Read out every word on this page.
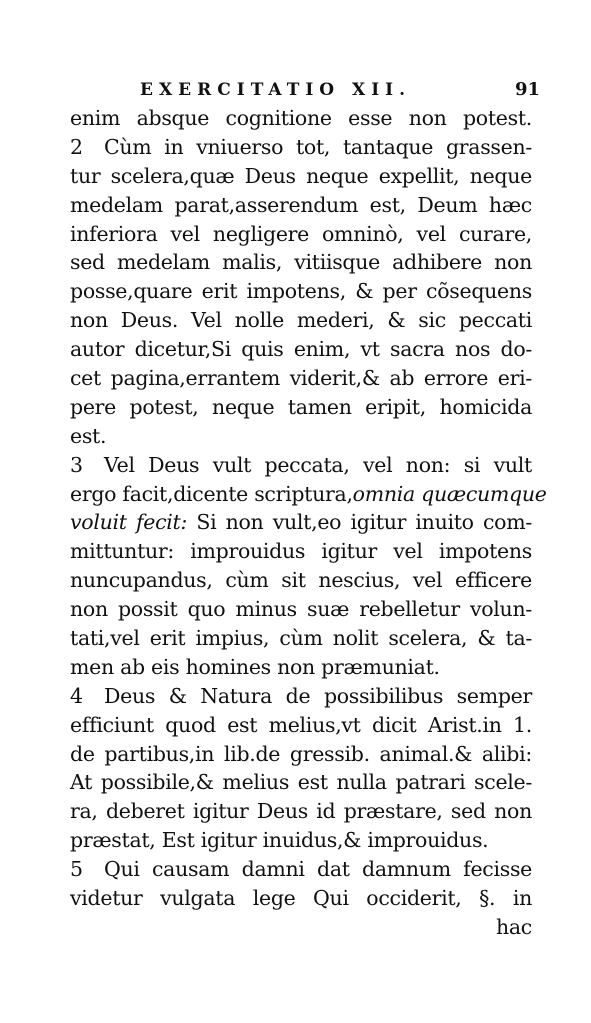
EXERCITATIO XII.	91
enim absque cognitione esse non potest.
2 Cùm in vniuerso tot, tantaque grassen-
tur scelera,quæ Deus neque expellit, neque
medelam parat,asserendum est, Deum hæc
inferiora vel negligere omninò, vel curare,
sed medelam malis, vitiisque adhibere non
posse,quare erit impotens, & per cõsequens
non Deus. Vel nolle mederi, & sic peccati
autor dicetur,Si quis enim, vt sacra nos do-
cet pagina,errantem viderit,& ab errore eri-
pere potest, neque tamen eripit, homicida
est.
3 Vel Deus vult peccata, vel non: si vult
ergo facit,dicente scriptura,omnia quæcumque
voluit fecit: Si non vult,eo igitur inuito com-
mittuntur: improuidus igitur vel impotens
nuncupandus, cùm sit nescius, vel efficere
non possit quo minus suæ rebelletur volun-
tati,vel erit impius, cùm nolit scelera, & ta-
men ab eis homines non præmuniat.
4 Deus & Natura de possibilibus semper
efficiunt quod est melius,vt dicit Arist.in 1.
de partibus,in lib.de gressib. animal.& alibi:
At possibile,& melius est nulla patrari scele-
ra, deberet igitur Deus id præstare, sed non
præstat, Est igitur inuidus,& improuidus.
5 Qui causam damni dat damnum fecisse
videtur vulgata lege Qui occiderit, §. in
hac
